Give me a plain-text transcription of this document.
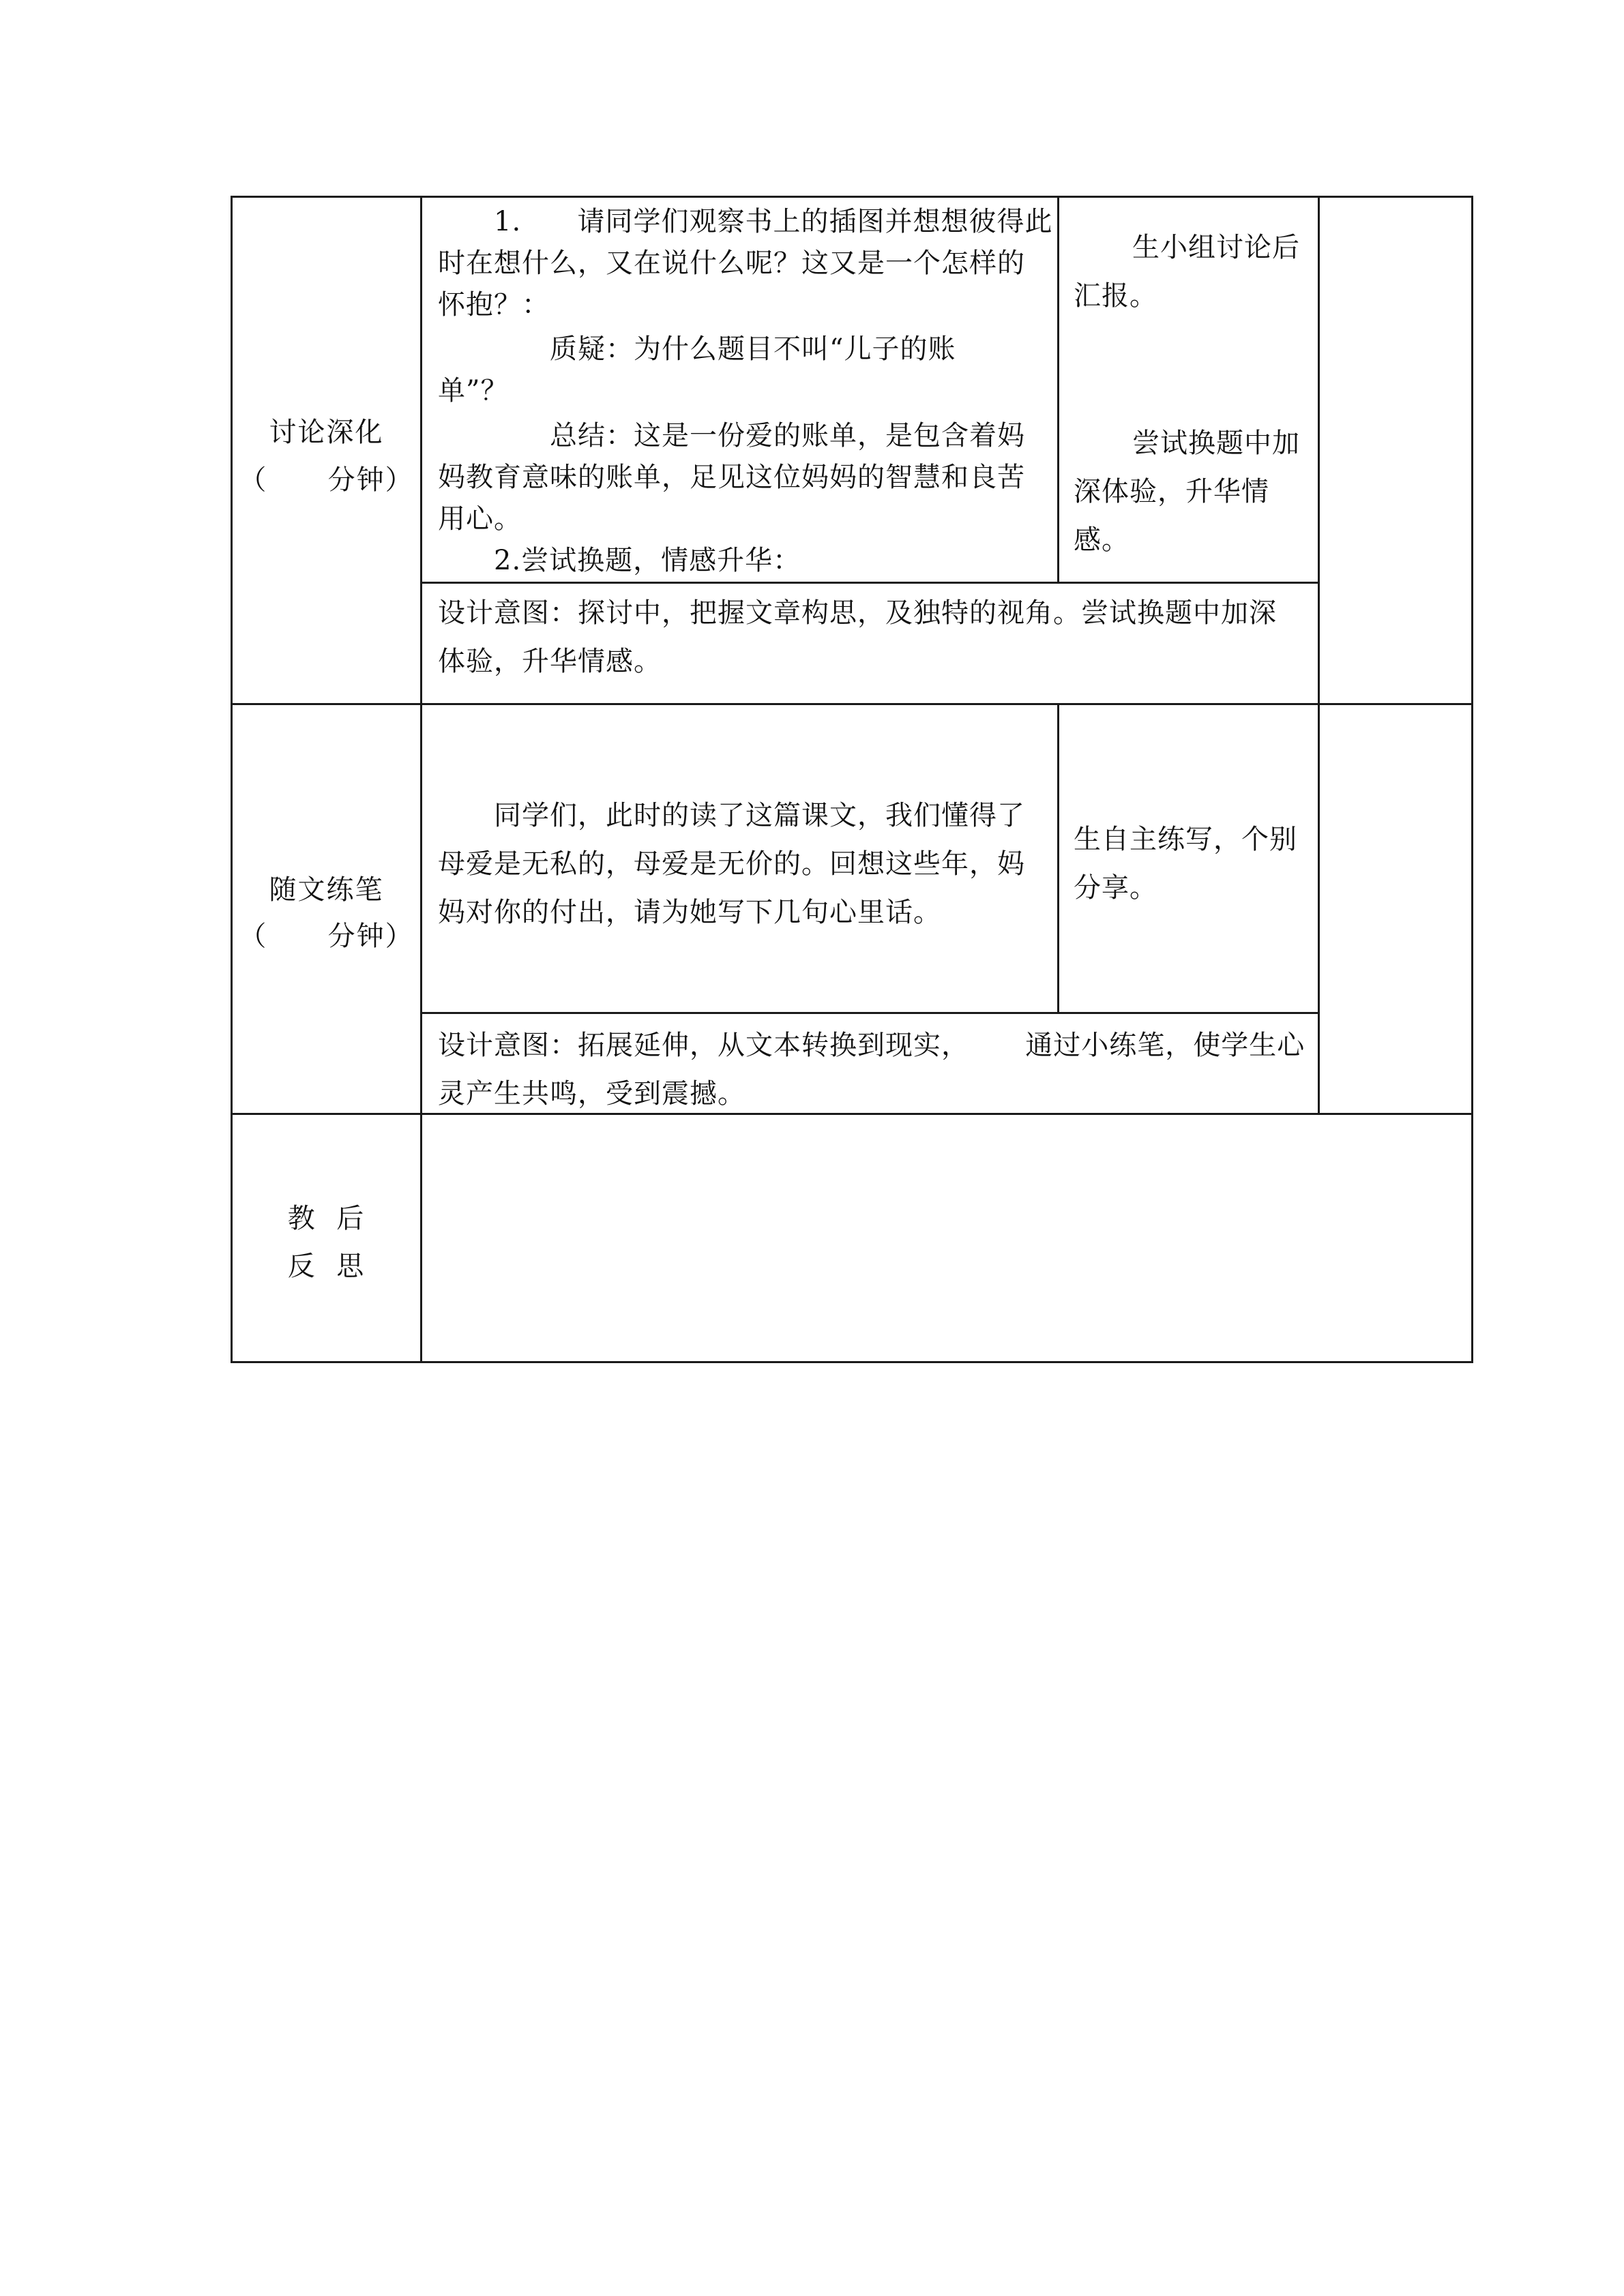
讨论深化
（      分钟）
1.      请同学们观察书上的插图并想想彼得此
时在想什么，又在说什么呢？这又是一个怎样的
怀抱？：
质疑：为什么题目不叫“儿子的账
单”？
总结：这是一份爱的账单，是包含着妈
妈教育意味的账单，足见这位妈妈的智慧和良苦
用心。
2.尝试换题，情感升华：
生小组讨论后
汇报。
尝试换题中加
深体验，升华情
感。
设计意图：探讨中，把握文章构思，及独特的视角。尝试换题中加深
体验，升华情感。
随文练笔
（      分钟）
同学们，此时的读了这篇课文，我们懂得了
母爱是无私的，母爱是无价的。回想这些年，妈
妈对你的付出，请为她写下几句心里话。
生自主练写，个别
分享。
设计意图：拓展延伸，从文本转换到现实，      通过小练笔，使学生心
灵产生共鸣，受到震撼。
教  后
反  思
